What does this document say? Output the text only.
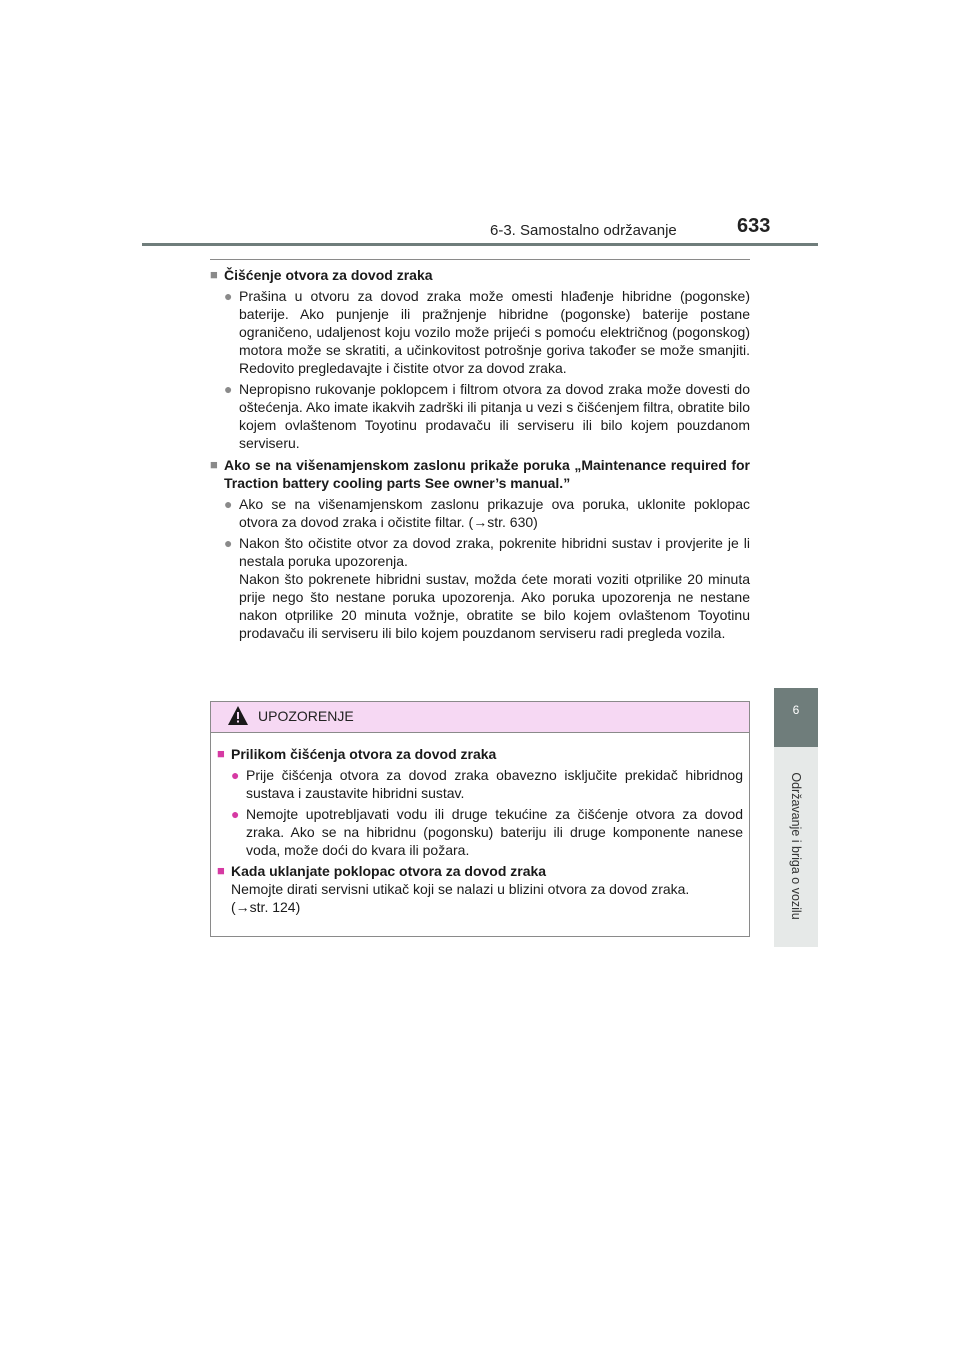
6-3. Samostalno održavanje	633
6
Održavanje i briga o vozilu
■ Čišćenje otvora za dovod zraka
● Prašina u otvoru za dovod zraka može omesti hlađenje hibridne (pogonske) baterije. Ako punjenje ili pražnjenje hibridne (pogonske) baterije postane ograničeno, udaljenost koju vozilo može prijeći s pomoću električnog (pogonskog) motora može se skratiti, a učinkovitost potrošnje goriva također se može smanjiti. Redovito pregledavajte i čistite otvor za dovod zraka.
● Nepropisno rukovanje poklopcem i filtrom otvora za dovod zraka može dovesti do oštećenja. Ako imate ikakvih zadrški ili pitanja u vezi s čišćenjem filtra, obratite bilo kojem ovlaštenom Toyotinu prodavaču ili serviseru ili bilo kojem pouzdanom serviseru.
■ Ako se na višenamjenskom zaslonu prikaže poruka „Maintenance required for Traction battery cooling parts See owner’s manual.”
● Ako se na višenamjenskom zaslonu prikazuje ova poruka, uklonite poklopac otvora za dovod zraka i očistite filtar. (→str. 630)
● Nakon što očistite otvor za dovod zraka, pokrenite hibridni sustav i provjerite je li nestala poruka upozorenja.
Nakon što pokrenete hibridni sustav, možda ćete morati voziti otprilike 20 minuta prije nego što nestane poruka upozorenja. Ako poruka upozorenja ne nestane nakon otprilike 20 minuta vožnje, obratite se bilo kojem ovlaštenom Toyotinu prodavaču ili serviseru ili bilo kojem pouzdanom serviseru radi pregleda vozila.
UPOZORENJE
■ Prilikom čišćenja otvora za dovod zraka
● Prije čišćenja otvora za dovod zraka obavezno isključite prekidač hibridnog sustava i zaustavite hibridni sustav.
● Nemojte upotrebljavati vodu ili druge tekućine za čišćenje otvora za dovod zraka. Ako se na hibridnu (pogonsku) bateriju ili druge komponente nanese voda, može doći do kvara ili požara.
■ Kada uklanjate poklopac otvora za dovod zraka
Nemojte dirati servisni utikač koji se nalazi u blizini otvora za dovod zraka.
(→str. 124)
